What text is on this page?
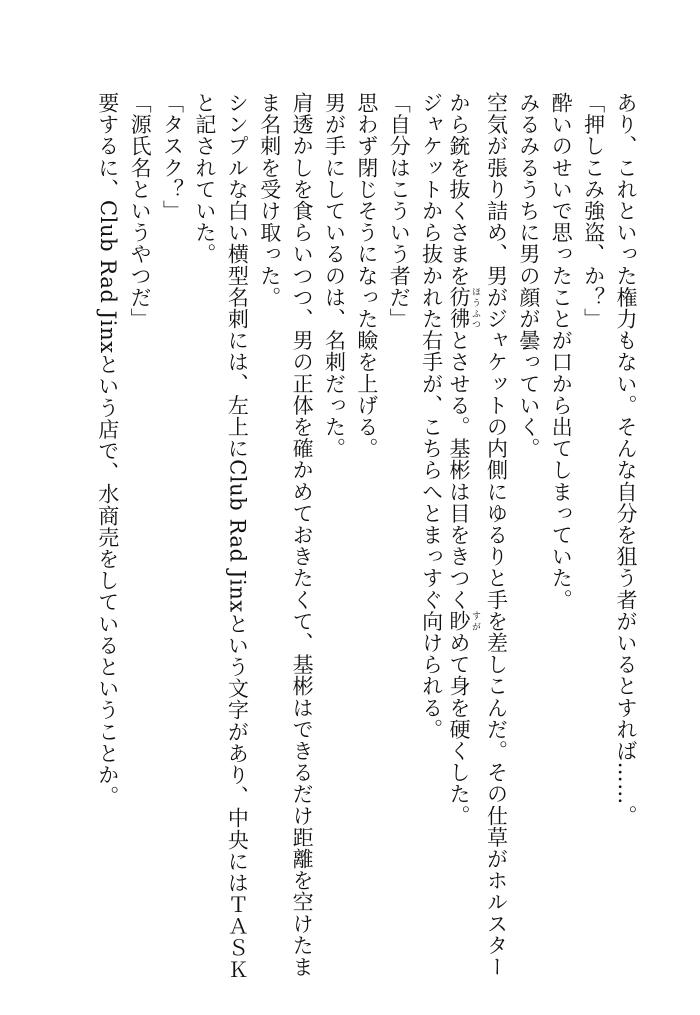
あり、これといった権力もない。そんな自分を狙う者がいるとすれば……。
「押しこみ強盗、か？」
酔いのせいで思ったことが口から出てしまっていた。
みるみるうちに男の顔が曇っていく。
空気が張り詰め、男がジャケットの内側にゆるりと手を差しこんだ。その仕草がホルスター
から銃を抜くさまを彷彿 ほうふつとさせる。基彬は目をきつく眇 すがめて身を硬くした。
ジャケットから抜かれた右手が、こちらへとまっすぐ向けられる。
「自分はこういう者だ」
思わず閉じそうになった瞼を上げる。
男が手にしているのは、名刺だった。
肩透かしを食らいつつ、男の正体を確かめておきたくて、基彬はできるだけ距離を空けたま
ま名刺を受け取った。
シンプルな白い横型名刺には、左上にClub Rad Jinxという文字があり、中央にはＴＡＳＫ
と記されていた。
「タスク？」
「源氏名というやつだ」
要するに、Club Rad Jinxという店で、水商売をしているということか。
